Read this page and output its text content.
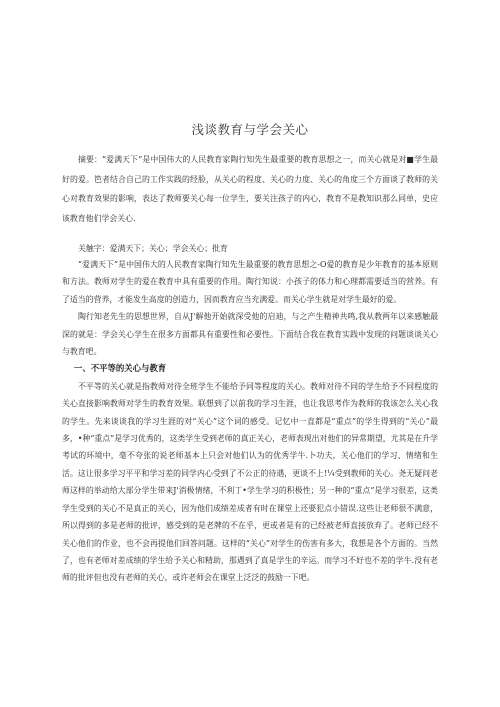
浅谈教育与学会关心

摘要：“爱满天下”是中国伟大的人民教育家陶行知先生最重要的教育思想之一，而关心就是对■学生最好的爱。笆者结合自己的工作实践的经脸，从关心的程度、关心的力度、关心的角度三个方面谈了教师的关心对教育效果的影响，表达了教师要关心每一位学生，要关注孩子的内心，教育不是教知识那么同单，史应该教育他们学会关心.

关触字：爱满天下；关心；学会关心；批育

“爱满天下”是中国伟大的人民教育家陶行知先生最重要的教育思想之-O爱的教育是少年教育的基本原则和方法。教师对学生的爱在教育中具有重要的作用。陶行知说：小孩子的体力和心理都需要适当的营养。有了适当的营养，才能发生高度的创造力，因而教育应当充满爱。而关心学生就是对学生最好的爱。

陶行知老先生的思想世界，自从J'解他开始就深受他的启迪，与之产生精神共鸣,我从教两年以来感触最深的就是：学会关心学生在很多方面都具有重要性和必要性。下面结合我在教育实践中发现的问题谈谈关心与教育吧。

一、不平等的关心与教育

不平等的关心就是指教师对待全班学生不能给予同等程度的关心。教师对待不同的学生给予不同程度的关心直接影响教师对学生的教育效果。联想到了以前我的学习生涯，也让我思考作为教师的我该怎么关心我的学生。先来谈谈我的学习生涯的对“关心”这个词的感受。记忆中一直都是“重点”的学生得到的“关心”最多，•种“重点”是学习优秀的，这类学生受到老师的真正关心，老师表现出对他们的异常期望，尤其是在升学考试的环境中，毫不夸张的说老师基本上只会对他们认为的优秀学牛.卜功夫，关心他们的学习、情绪和生活。这让很多学习平平和学习差的同学内心受到了不公正的待遇，更谈不上!¼受到教师的关心。尧无疑问老师这样的举动给大部分学生带来J'消极情绪，不利丁•学生学习的积极性；另一种的“重点”是学习很差，这类学生受到的关心不是真正的关心，因为他们成绩差成者有时在课堂上还要犯点小错误.这些让老师很不满意，所以得到的多是老师的批评，感受到的是老牌的不在乎，更或者是有的已经被老师直接放弃了。老师已经不关心他们的作业，也不会再提他们回答问题。这样的“关心”对学生的伤害有多大，我想是各个方面的。当然了，也有老师对差成绩的学生给予关心和精助，那遇到了真是学生的辛运。而学习不好也不差的学牛.没有老师的批评但也没有老师的关心，或许老师会在课堂上泛泛的鼓励一下吧。
